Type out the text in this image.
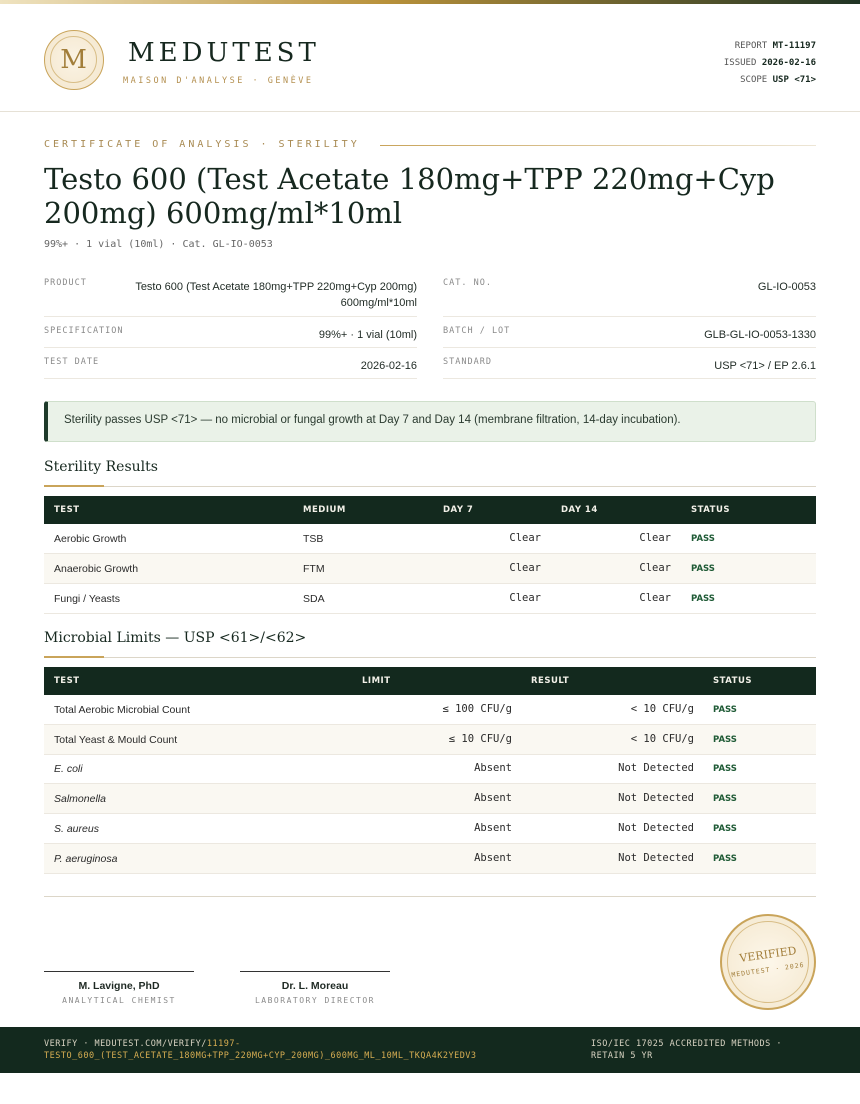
M	MEDUTEST
MAISON D'ANALYSE · GENÈVE
REPORT MT-11197
ISSUED 2026-02-16
SCOPE USP <71>
CERTIFICATE OF ANALYSIS · STERILITY
Testo 600 (Test Acetate 180mg+TPP 220mg+Cyp 200mg) 600mg/ml*10ml
99%+ · 1 vial (10ml) · Cat. GL-IO-0053
PRODUCT	Testo 600 (Test Acetate 180mg+TPP 220mg+Cyp 200mg) 600mg/ml*10ml
CAT. NO.	GL-IO-0053
SPECIFICATION	99%+ · 1 vial (10ml)	BATCH / LOT	GLB-GL-IO-0053-1330
TEST DATE	2026-02-16	STANDARD	USP <71> / EP 2.6.1
Sterility passes USP <71> — no microbial or fungal growth at Day 7 and Day 14 (membrane filtration, 14-day incubation).
Sterility Results
TEST	MEDIUM	DAY 7	DAY 14	STATUS
Aerobic Growth	TSB	Clear	Clear PASS
Anaerobic Growth	FTM	Clear	Clear PASS
Fungi / Yeasts	SDA	Clear	Clear PASS
Microbial Limits — USP <61>/<62>
TEST	LIMIT	RESULT	STATUS
Total Aerobic Microbial Count	≤ 100 CFU/g	< 10 CFU/g PASS
Total Yeast & Mould Count	≤ 10 CFU/g	< 10 CFU/g PASS
E. coli	Absent	Not Detected PASS
Salmonella	Absent	Not Detected PASS
S. aureus	Absent	Not Detected PASS
P. aeruginosa	Absent	Not Detected PASS
M. Lavigne, PhD
ANALYTICAL CHEMIST
Dr. L. Moreau
LABORATORY DIRECTOR
VERIFIED
MEDUTEST · 2026
VERIFY · MEDUTEST.COM/VERIFY/11197-TESTO_600_(TEST_ACETATE_180MG+TPP_220MG+CYP_200MG)_600MG_ML_10ML_TKQA4K2YEDV3
ISO/IEC 17025 ACCREDITED METHODS · RETAIN 5 YR
